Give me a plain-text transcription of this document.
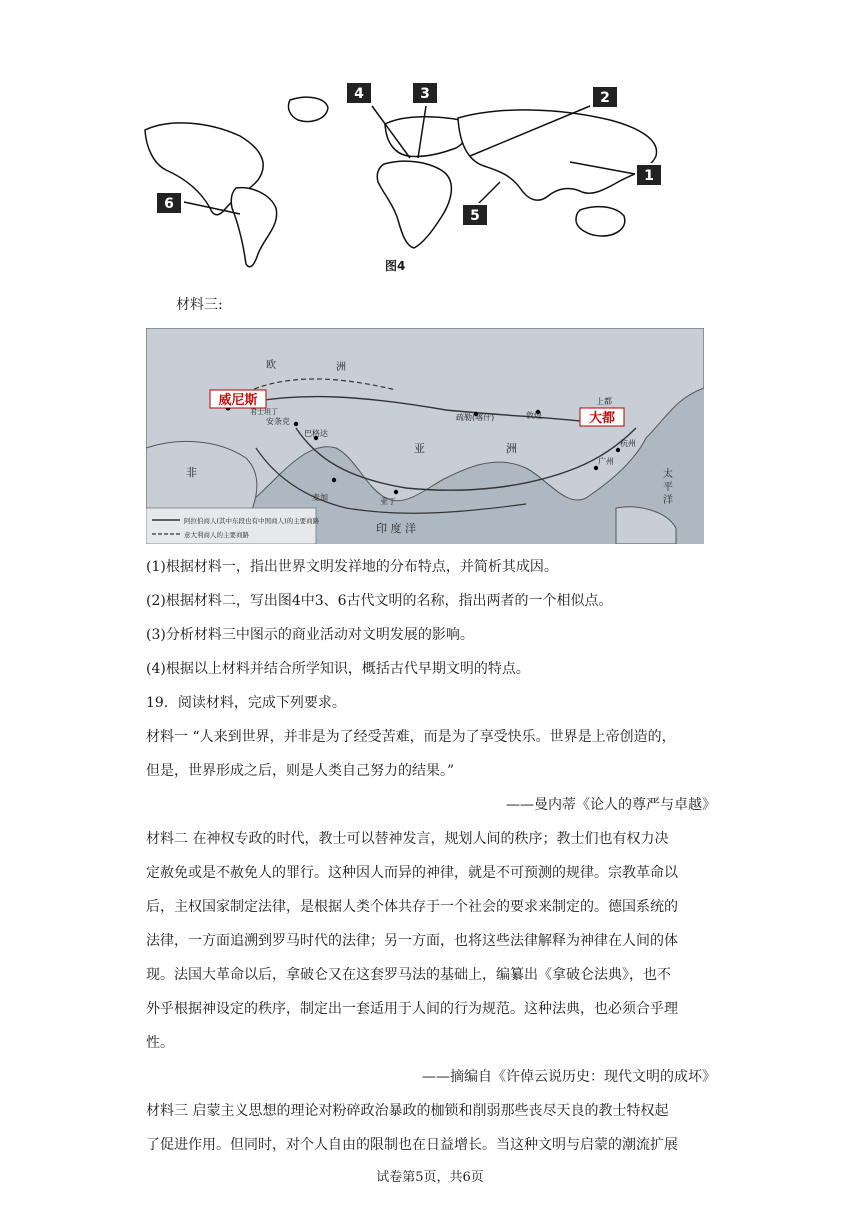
4	3	2
1
6
5
图4
材料三:
威尼斯
大都
上都
疏勒(喀什)	敦煌
杭州
广州
巴格达
安条克
君士坦丁
麦加	亚丁
欧	洲
亚	洲
非
印 度 洋
太 平 洋
阿拉伯商人(其中东段也有中国商人)的主要商路
意大利商人的主要商路
(1)根据材料一，指出世界文明发祥地的分布特点，并简析其成因。
(2)根据材料二，写出图4中3、6古代文明的名称，指出两者的一个相似点。
(3)分析材料三中图示的商业活动对文明发展的影响。
(4)根据以上材料并结合所学知识，概括古代早期文明的特点。
19．阅读材料，完成下列要求。
材料一 “人来到世界，并非是为了经受苦难，而是为了享受快乐。世界是上帝创造的，
但是，世界形成之后，则是人类自己努力的结果。”
——曼内蒂《论人的尊严与卓越》
材料二 在神权专政的时代，教士可以替神发言，规划人间的秩序；教士们也有权力决
定赦免或是不赦免人的罪行。这种因人而异的神律，就是不可预测的规律。宗教革命以
后，主权国家制定法律，是根据人类个体共存于一个社会的要求来制定的。德国系统的
法律，一方面追溯到罗马时代的法律；另一方面，也将这些法律解释为神律在人间的体
现。法国大革命以后，拿破仑又在这套罗马法的基础上，编纂出《拿破仑法典》，也不
外乎根据神设定的秩序，制定出一套适用于人间的行为规范。这种法典，也必须合乎理
性。
——摘编自《许倬云说历史：现代文明的成坏》
材料三 启蒙主义思想的理论对粉碎政治暴政的枷锁和削弱那些丧尽天良的教士特权起
了促进作用。但同时，对个人自由的限制也在日益增长。当这种文明与启蒙的潮流扩展
试卷第5页，共6页
